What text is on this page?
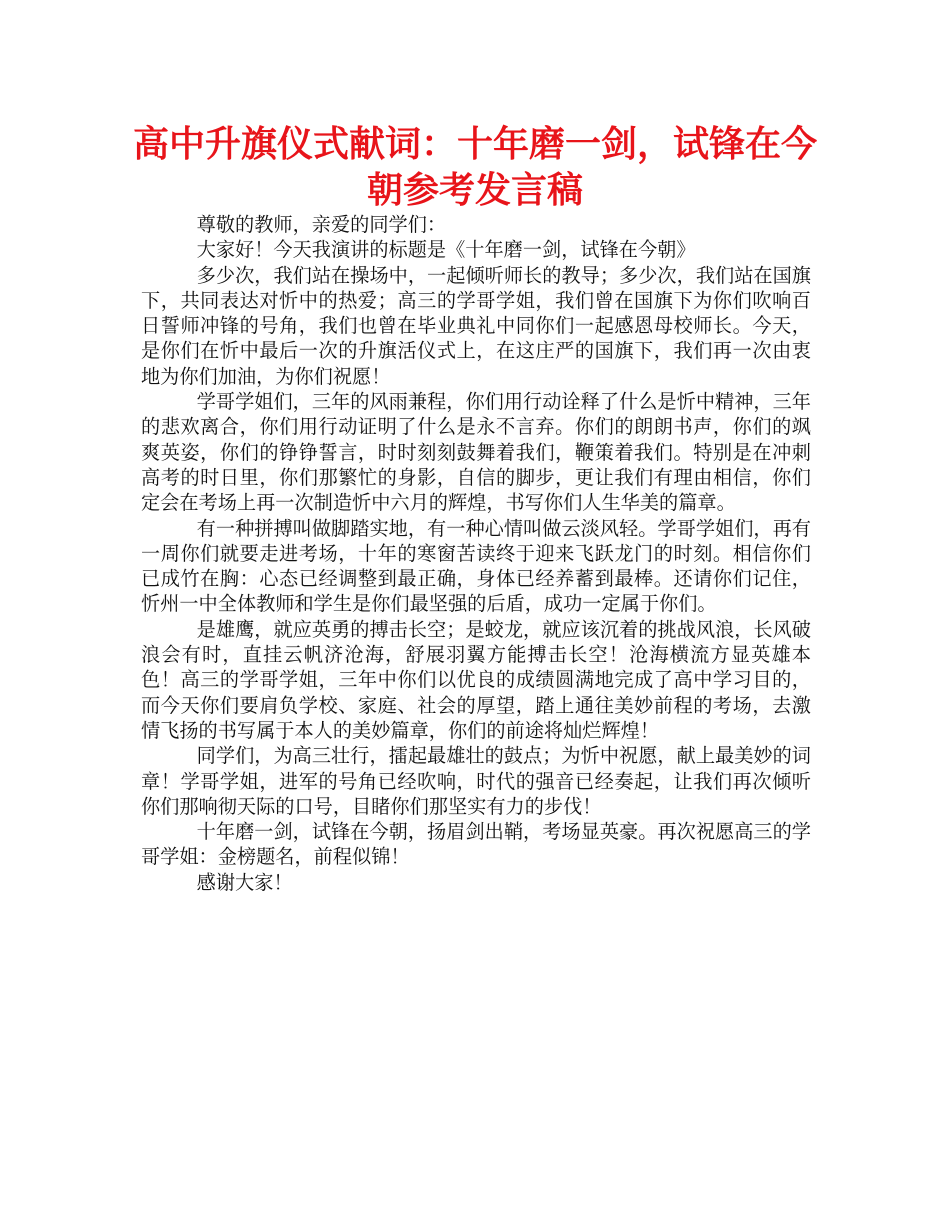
高中升旗仪式献词：十年磨一剑，试锋在今朝参考发言稿

尊敬的教师，亲爱的同学们：

大家好！今天我演讲的标题是《十年磨一剑，试锋在今朝》

多少次，我们站在操场中，一起倾听师长的教导；多少次，我们站在国旗下，共同表达对忻中的热爱；高三的学哥学姐，我们曾在国旗下为你们吹响百日誓师冲锋的号角，我们也曾在毕业典礼中同你们一起感恩母校师长。今天，是你们在忻中最后一次的升旗活仪式上，在这庄严的国旗下，我们再一次由衷地为你们加油，为你们祝愿！

学哥学姐们，三年的风雨兼程，你们用行动诠释了什么是忻中精神，三年的悲欢离合，你们用行动证明了什么是永不言弃。你们的朗朗书声，你们的飒爽英姿，你们的铮铮誓言，时时刻刻鼓舞着我们，鞭策着我们。特别是在冲刺高考的时日里，你们那繁忙的身影，自信的脚步，更让我们有理由相信，你们定会在考场上再一次制造忻中六月的辉煌，书写你们人生华美的篇章。

有一种拼搏叫做脚踏实地，有一种心情叫做云淡风轻。学哥学姐们，再有一周你们就要走进考场，十年的寒窗苦读终于迎来飞跃龙门的时刻。相信你们已成竹在胸：心态已经调整到最正确，身体已经养蓄到最棒。还请你们记住，忻州一中全体教师和学生是你们最坚强的后盾，成功一定属于你们。

是雄鹰，就应英勇的搏击长空；是蛟龙，就应该沉着的挑战风浪，长风破浪会有时，直挂云帆济沧海，舒展羽翼方能搏击长空！沧海横流方显英雄本色！高三的学哥学姐，三年中你们以优良的成绩圆满地完成了高中学习目的，而今天你们要肩负学校、家庭、社会的厚望，踏上通往美妙前程的考场，去激情飞扬的书写属于本人的美妙篇章，你们的前途将灿烂辉煌！

同学们，为高三壮行，擂起最雄壮的鼓点；为忻中祝愿，献上最美妙的词章！学哥学姐，进军的号角已经吹响，时代的强音已经奏起，让我们再次倾听你们那响彻天际的口号，目睹你们那坚实有力的步伐！

十年磨一剑，试锋在今朝，扬眉剑出鞘，考场显英豪。再次祝愿高三的学哥学姐：金榜题名，前程似锦！

感谢大家！
